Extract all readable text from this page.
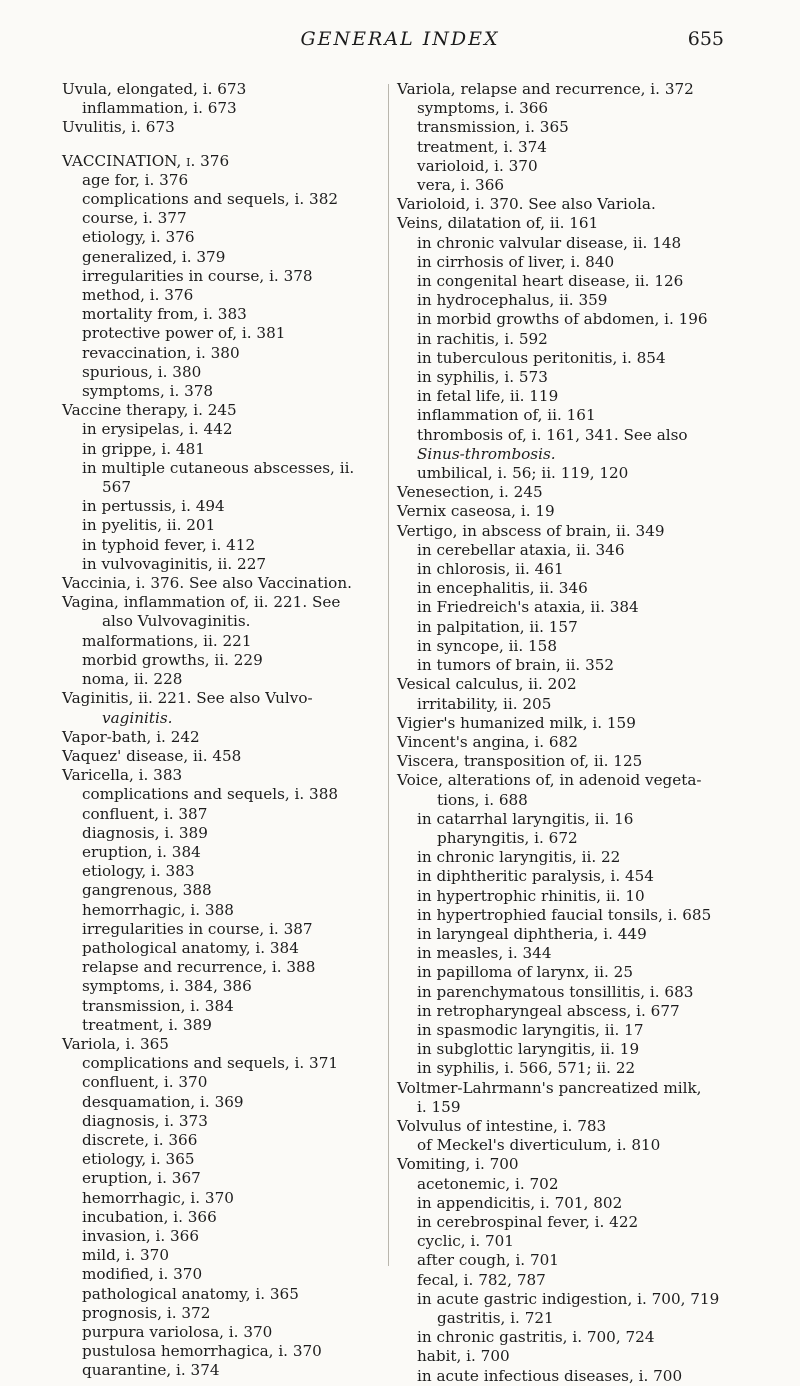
GENERAL INDEX	655
Uvula, elongated, i. 673
inflammation, i. 673
Uvulitis, i. 673
VACCINATION, i. 376
age for, i. 376
complications and sequels, i. 382
course, i. 377
etiology, i. 376
generalized, i. 379
irregularities in course, i. 378
method, i. 376
mortality from, i. 383
protective power of, i. 381
revaccination, i. 380
spurious, i. 380
symptoms, i. 378
Vaccine therapy, i. 245
in erysipelas, i. 442
in grippe, i. 481
in multiple cutaneous abscesses, ii.
567
in pertussis, i. 494
in pyelitis, ii. 201
in typhoid fever, i. 412
in vulvovaginitis, ii. 227
Vaccinia, i. 376. See also Vaccination.
Vagina, inflammation of, ii. 221. See
also Vulvovaginitis.
malformations, ii. 221
morbid growths, ii. 229
noma, ii. 228
Vaginitis, ii. 221. See also Vulvo-
vaginitis.
Vapor-bath, i. 242
Vaquez' disease, ii. 458
Varicella, i. 383
complications and sequels, i. 388
confluent, i. 387
diagnosis, i. 389
eruption, i. 384
etiology, i. 383
gangrenous, 388
hemorrhagic, i. 388
irregularities in course, i. 387
pathological anatomy, i. 384
relapse and recurrence, i. 388
symptoms, i. 384, 386
transmission, i. 384
treatment, i. 389
Variola, i. 365
complications and sequels, i. 371
confluent, i. 370
desquamation, i. 369
diagnosis, i. 373
discrete, i. 366
etiology, i. 365
eruption, i. 367
hemorrhagic, i. 370
incubation, i. 366
invasion, i. 366
mild, i. 370
modified, i. 370
pathological anatomy, i. 365
prognosis, i. 372
purpura variolosa, i. 370
pustulosa hemorrhagica, i. 370
quarantine, i. 374
Variola, relapse and recurrence, i. 372
symptoms, i. 366
transmission, i. 365
treatment, i. 374
varioloid, i. 370
vera, i. 366
Varioloid, i. 370. See also Variola.
Veins, dilatation of, ii. 161
in chronic valvular disease, ii. 148
in cirrhosis of liver, i. 840
in congenital heart disease, ii. 126
in hydrocephalus, ii. 359
in morbid growths of abdomen, i. 196
in rachitis, i. 592
in tuberculous peritonitis, i. 854
in syphilis, i. 573
in fetal life, ii. 119
inflammation of, ii. 161
thrombosis of, i. 161, 341. See also
Sinus-thrombosis.
umbilical, i. 56; ii. 119, 120
Venesection, i. 245
Vernix caseosa, i. 19
Vertigo, in abscess of brain, ii. 349
in cerebellar ataxia, ii. 346
in chlorosis, ii. 461
in encephalitis, ii. 346
in Friedreich's ataxia, ii. 384
in palpitation, ii. 157
in syncope, ii. 158
in tumors of brain, ii. 352
Vesical calculus, ii. 202
irritability, ii. 205
Vigier's humanized milk, i. 159
Vincent's angina, i. 682
Viscera, transposition of, ii. 125
Voice, alterations of, in adenoid vegeta-
tions, i. 688
in catarrhal laryngitis, ii. 16
pharyngitis, i. 672
in chronic laryngitis, ii. 22
in diphtheritic paralysis, i. 454
in hypertrophic rhinitis, ii. 10
in hypertrophied faucial tonsils, i. 685
in laryngeal diphtheria, i. 449
in measles, i. 344
in papilloma of larynx, ii. 25
in parenchymatous tonsillitis, i. 683
in retropharyngeal abscess, i. 677
in spasmodic laryngitis, ii. 17
in subglottic laryngitis, ii. 19
in syphilis, i. 566, 571; ii. 22
Voltmer-Lahrmann's pancreatized milk,
i. 159
Volvulus of intestine, i. 783
of Meckel's diverticulum, i. 810
Vomiting, i. 700
acetonemic, i. 702
in appendicitis, i. 701, 802
in cerebrospinal fever, i. 422
cyclic, i. 701
after cough, i. 701
fecal, i. 782, 787
in acute gastric indigestion, i. 700, 719
gastritis, i. 721
in chronic gastritis, i. 700, 724
habit, i. 700
in acute infectious diseases, i. 700
